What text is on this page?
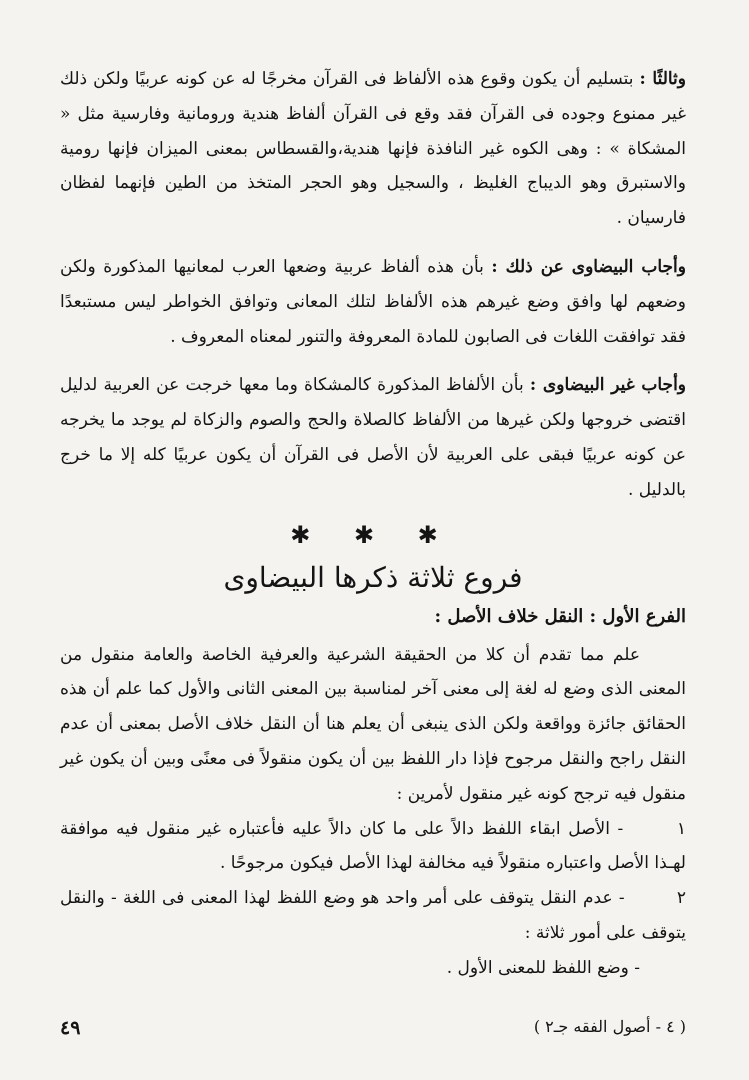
وثالثًا : بتسليم أن يكون وقوع هذه الألفاظ فى القرآن مخرجًا له عن كونه عربيًا ولكن ذلك غير ممنوع وجوده فى القرآن فقد وقع فى القرآن ألفاظ هندية ورومانية وفارسية مثل « المشكاة » : وهى الكوه غير النافذة فإنها هندية،والقسطاس بمعنى الميزان فإنها رومية والاستبرق وهو الديباج الغليظ ، والسجيل وهو الحجر المتخذ من الطين فإنهما لفظان فارسيان .

وأجاب البيضاوى عن ذلك : بأن هذه ألفاظ عربية وضعها العرب لمعانيها المذكورة ولكن وضعهم لها وافق وضع غيرهم هذه الألفاظ لتلك المعانى وتوافق الخواطر ليس مستبعدًا فقد توافقت اللغات فى الصابون للمادة المعروفة والتنور لمعناه المعروف .

وأجاب غير البيضاوى : بأن الألفاظ المذكورة كالمشكاة وما معها خرجت عن العربية لدليل اقتضى خروجها ولكن غيرها من الألفاظ كالصلاة والحج والصوم والزكاة لم يوجد ما يخرجه عن كونه عربيًا فبقى على العربية لأن الأصل فى القرآن أن يكون عربيًا كله إلا ما خرج بالدليل .

✱ ✱ ✱
فروع ثلاثة ذكرها البيضاوى
الفرع الأول : النقل خلاف الأصل :

علم مما تقدم أن كلا من الحقيقة الشرعية والعرفية الخاصة والعامة منقول من المعنى الذى وضع له لغة إلى معنى آخر لمناسبة بين المعنى الثانى والأول كما علم أن هذه الحقائق جائزة وواقعة ولكن الذى ينبغى أن يعلم هنا أن النقل خلاف الأصل بمعنى أن عدم النقل راجح والنقل مرجوح فإذا دار اللفظ بين أن يكون منقولاً فى معنًى وبين أن يكون غير منقول فيه ترجح كونه غير منقول لأمرين :

١ - الأصل ابقاء اللفظ دالاً على ما كان دالاً عليه فأعتباره غير منقول فيه موافقة لهـذا الأصل واعتباره منقولاً فيه مخالفة لهذا الأصل فيكون مرجوحًا .

٢ - عدم النقل يتوقف على أمر واحد هو وضع اللفظ لهذا المعنى فى اللغة - والنقل يتوقف على أمور ثلاثة :

- وضع اللفظ للمعنى الأول .

٤٩	( ٤ - أصول الفقه جـ٢ )
